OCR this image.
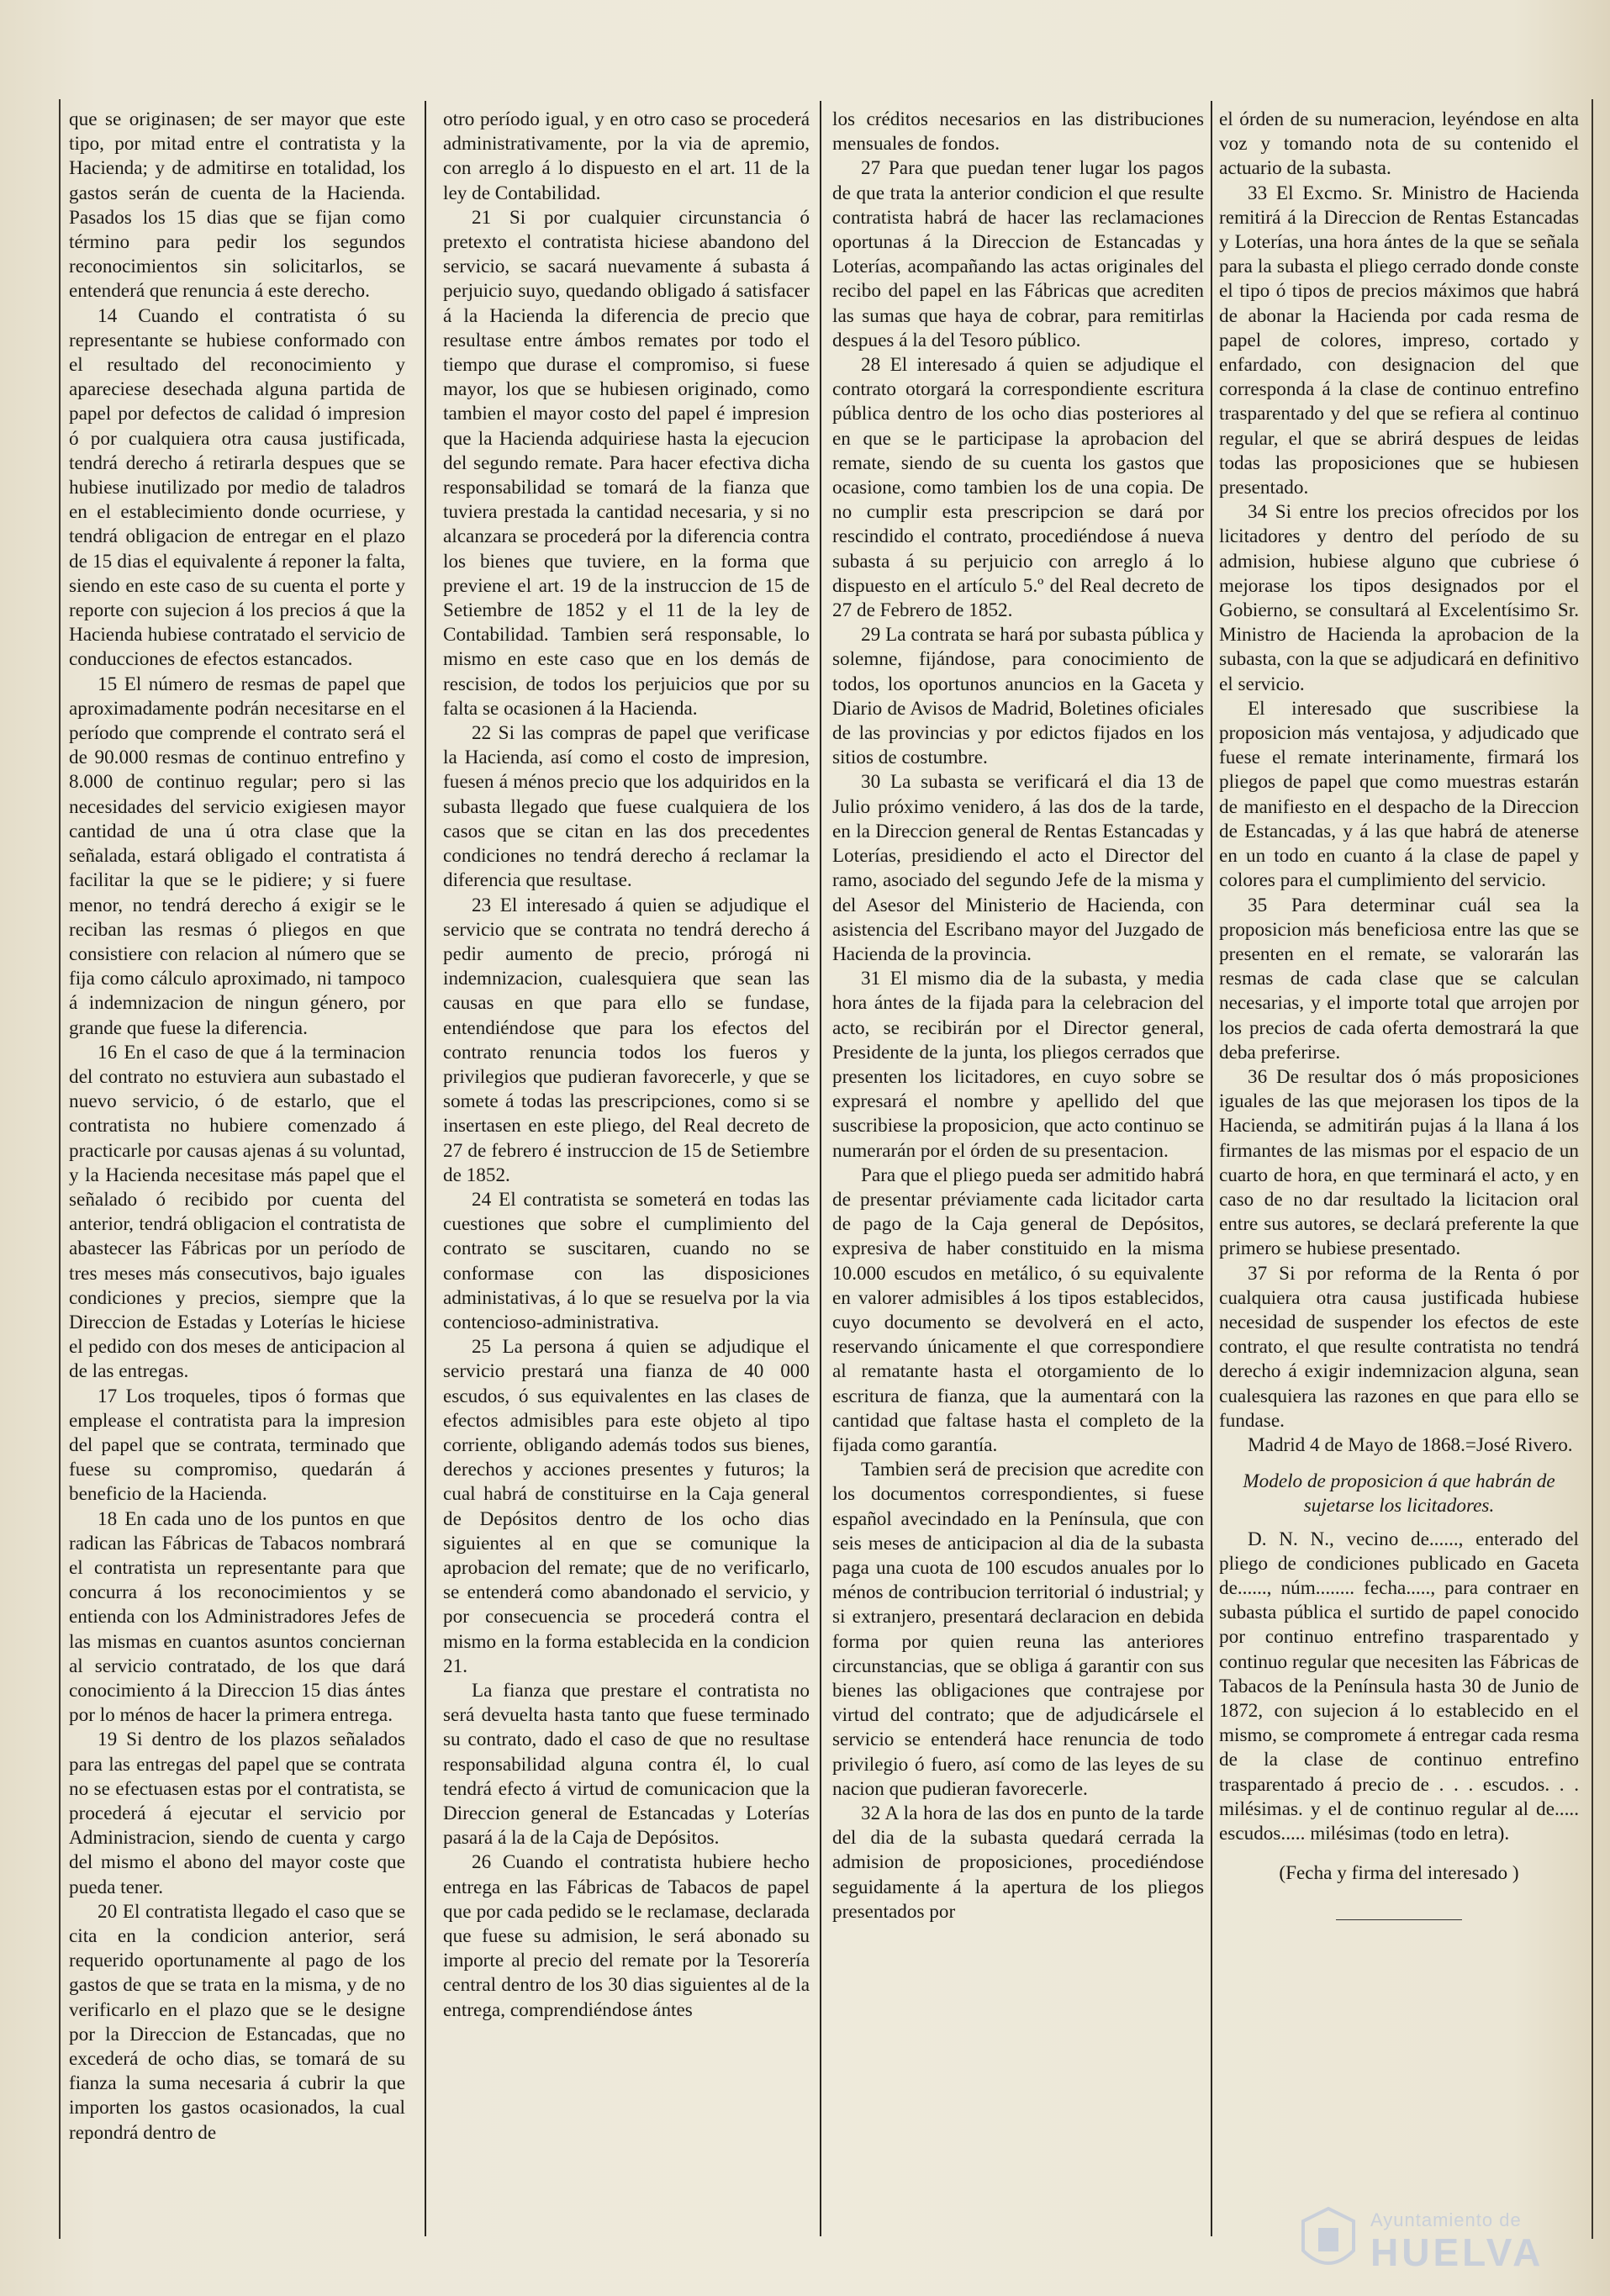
que se originasen; de ser mayor que este tipo, por mitad entre el contratista y la Hacienda; y de admitirse en totalidad, los gastos serán de cuenta de la Hacienda. Pasados los 15 dias que se fijan como término para pedir los segundos reconocimientos sin solicitarlos, se entenderá que renuncia á este derecho.

14 Cuando el contratista ó su representante se hubiese conformado con el resultado del reconocimiento y apareciese desechada alguna partida de papel por defectos de calidad ó impresion ó por cualquiera otra causa justificada, tendrá derecho á retirarla despues que se hubiese inutilizado por medio de taladros en el establecimiento donde ocurriese, y tendrá obligacion de entregar en el plazo de 15 dias el equivalente á reponer la falta, siendo en este caso de su cuenta el porte y reporte con sujecion á los precios á que la Hacienda hubiese contratado el servicio de conducciones de efectos estancados.

15 El número de resmas de papel que aproximadamente podrán necesitarse en el período que comprende el contrato será el de 90.000 resmas de continuo entrefino y 8.000 de continuo regular; pero si las necesidades del servicio exigiesen mayor cantidad de una ú otra clase que la señalada, estará obligado el contratista á facilitar la que se le pidiere; y si fuere menor, no tendrá derecho á exigir se le reciban las resmas ó pliegos en que consistiere con relacion al número que se fija como cálculo aproximado, ni tampoco á indemnizacion de ningun género, por grande que fuese la diferencia.

16 En el caso de que á la terminacion del contrato no estuviera aun subastado el nuevo servicio, ó de estarlo, que el contratista no hubiere comenzado á practicarle por causas ajenas á su voluntad, y la Hacienda necesitase más papel que el señalado ó recibido por cuenta del anterior, tendrá obligacion el contratista de abastecer las Fábricas por un período de tres meses más consecutivos, bajo iguales condiciones y precios, siempre que la Direccion de Estadas y Loterías le hiciese el pedido con dos meses de anticipacion al de las entregas.

17 Los troqueles, tipos ó formas que emplease el contratista para la impresion del papel que se contrata, terminado que fuese su compromiso, quedarán á beneficio de la Hacienda.

18 En cada uno de los puntos en que radican las Fábricas de Tabacos nombrará el contratista un representante para que concurra á los reconocimientos y se entienda con los Administradores Jefes de las mismas en cuantos asuntos conciernan al servicio contratado, de los que dará conocimiento á la Direccion 15 dias ántes por lo ménos de hacer la primera entrega.

19 Si dentro de los plazos señalados para las entregas del papel que se contrata no se efectuasen estas por el contratista, se procederá á ejecutar el servicio por Administracion, siendo de cuenta y cargo del mismo el abono del mayor coste que pueda tener.

20 El contratista llegado el caso que se cita en la condicion anterior, será requerido oportunamente al pago de los gastos de que se trata en la misma, y de no verificarlo en el plazo que se le designe por la Direccion de Estancadas, que no excederá de ocho dias, se tomará de su fianza la suma necesaria á cubrir la que importen los gastos ocasionados, la cual repondrá dentro de

otro período igual, y en otro caso se procederá administrativamente, por la via de apremio, con arreglo á lo dispuesto en el art. 11 de la ley de Contabilidad.

21 Si por cualquier circunstancia ó pretexto el contratista hiciese abandono del servicio, se sacará nuevamente á subasta á perjuicio suyo, quedando obligado á satisfacer á la Hacienda la diferencia de precio que resultase entre ámbos remates por todo el tiempo que durase el compromiso, si fuese mayor, los que se hubiesen originado, como tambien el mayor costo del papel é impresion que la Hacienda adquiriese hasta la ejecucion del segundo remate. Para hacer efectiva dicha responsabilidad se tomará de la fianza que tuviera prestada la cantidad necesaria, y si no alcanzara se procederá por la diferencia contra los bienes que tuviere, en la forma que previene el art. 19 de la instruccion de 15 de Setiembre de 1852 y el 11 de la ley de Contabilidad. Tambien será responsable, lo mismo en este caso que en los demás de rescision, de todos los perjuicios que por su falta se ocasionen á la Hacienda.

22 Si las compras de papel que verificase la Hacienda, así como el costo de impresion, fuesen á ménos precio que los adquiridos en la subasta llegado que fuese cualquiera de los casos que se citan en las dos precedentes condiciones no tendrá derecho á reclamar la diferencia que resultase.

23 El interesado á quien se adjudique el servicio que se contrata no tendrá derecho á pedir aumento de precio, prórogá ni indemnizacion, cualesquiera que sean las causas en que para ello se fundase, entendiéndose que para los efectos del contrato renuncia todos los fueros y privilegios que pudieran favorecerle, y que se somete á todas las prescripciones, como si se insertasen en este pliego, del Real decreto de 27 de febrero é instruccion de 15 de Setiembre de 1852.

24 El contratista se someterá en todas las cuestiones que sobre el cumplimiento del contrato se suscitaren, cuando no se conformase con las disposiciones administativas, á lo que se resuelva por la via contencioso-administrativa.

25 La persona á quien se adjudique el servicio prestará una fianza de 40 000 escudos, ó sus equivalentes en las clases de efectos admisibles para este objeto al tipo corriente, obligando además todos sus bienes, derechos y acciones presentes y futuros; la cual habrá de constituirse en la Caja general de Depósitos dentro de los ocho dias siguientes al en que se comunique la aprobacion del remate; que de no verificarlo, se entenderá como abandonado el servicio, y por consecuencia se procederá contra el mismo en la forma establecida en la condicion 21.

La fianza que prestare el contratista no será devuelta hasta tanto que fuese terminado su contrato, dado el caso de que no resultase responsabilidad alguna contra él, lo cual tendrá efecto á virtud de comunicacion que la Direccion general de Estancadas y Loterías pasará á la de la Caja de Depósitos.

26 Cuando el contratista hubiere hecho entrega en las Fábricas de Tabacos de papel que por cada pedido se le reclamase, declarada que fuese su admision, le será abonado su importe al precio del remate por la Tesorería central dentro de los 30 dias siguientes al de la entrega, comprendiéndose ántes

los créditos necesarios en las distribuciones mensuales de fondos.

27 Para que puedan tener lugar los pagos de que trata la anterior condicion el que resulte contratista habrá de hacer las reclamaciones oportunas á la Direccion de Estancadas y Loterías, acompañando las actas originales del recibo del papel en las Fábricas que acrediten las sumas que haya de cobrar, para remitirlas despues á la del Tesoro público.

28 El interesado á quien se adjudique el contrato otorgará la correspondiente escritura pública dentro de los ocho dias posteriores al en que se le participase la aprobacion del remate, siendo de su cuenta los gastos que ocasione, como tambien los de una copia. De no cumplir esta prescripcion se dará por rescindido el contrato, procediéndose á nueva subasta á su perjuicio con arreglo á lo dispuesto en el artículo 5.º del Real decreto de 27 de Febrero de 1852.

29 La contrata se hará por subasta pública y solemne, fijándose, para conocimiento de todos, los oportunos anuncios en la Gaceta y Diario de Avisos de Madrid, Boletines oficiales de las provincias y por edictos fijados en los sitios de costumbre.

30 La subasta se verificará el dia 13 de Julio próximo venidero, á las dos de la tarde, en la Direccion general de Rentas Estancadas y Loterías, presidiendo el acto el Director del ramo, asociado del segundo Jefe de la misma y del Asesor del Ministerio de Hacienda, con asistencia del Escribano mayor del Juzgado de Hacienda de la provincia.

31 El mismo dia de la subasta, y media hora ántes de la fijada para la celebracion del acto, se recibirán por el Director general, Presidente de la junta, los pliegos cerrados que presenten los licitadores, en cuyo sobre se expresará el nombre y apellido del que suscribiese la proposicion, que acto continuo se numerarán por el órden de su presentacion.

Para que el pliego pueda ser admitido habrá de presentar préviamente cada licitador carta de pago de la Caja general de Depósitos, expresiva de haber constituido en la misma 10.000 escudos en metálico, ó su equivalente en valorer admisibles á los tipos establecidos, cuyo documento se devolverá en el acto, reservando únicamente el que correspondiere al rematante hasta el otorgamiento de lo escritura de fianza, que la aumentará con la cantidad que faltase hasta el completo de la fijada como garantía.

Tambien será de precision que acredite con los documentos correspondientes, si fuese español avecindado en la Península, que con seis meses de anticipacion al dia de la subasta paga una cuota de 100 escudos anuales por lo ménos de contribucion territorial ó industrial; y si extranjero, presentará declaracion en debida forma por quien reuna las anteriores circunstancias, que se obliga á garantir con sus bienes las obligaciones que contrajese por virtud del contrato; que de adjudicársele el servicio se entenderá hace renuncia de todo privilegio ó fuero, así como de las leyes de su nacion que pudieran favorecerle.

32 A la hora de las dos en punto de la tarde del dia de la subasta quedará cerrada la admision de proposiciones, procediéndose seguidamente á la apertura de los pliegos presentados por

el órden de su numeracion, leyéndose en alta voz y tomando nota de su contenido el actuario de la subasta.

33 El Excmo. Sr. Ministro de Hacienda remitirá á la Direccion de Rentas Estancadas y Loterías, una hora ántes de la que se señala para la subasta el pliego cerrado donde conste el tipo ó tipos de precios máximos que habrá de abonar la Hacienda por cada resma de papel de colores, impreso, cortado y enfardado, con designacion del que corresponda á la clase de continuo entrefino trasparentado y del que se refiera al continuo regular, el que se abrirá despues de leidas todas las proposiciones que se hubiesen presentado.

34 Si entre los precios ofrecidos por los licitadores y dentro del período de su admision, hubiese alguno que cubriese ó mejorase los tipos designados por el Gobierno, se consultará al Excelentísimo Sr. Ministro de Hacienda la aprobacion de la subasta, con la que se adjudicará en definitivo el servicio.

El interesado que suscribiese la proposicion más ventajosa, y adjudicado que fuese el remate interinamente, firmará los pliegos de papel que como muestras estarán de manifiesto en el despacho de la Direccion de Estancadas, y á las que habrá de atenerse en un todo en cuanto á la clase de papel y colores para el cumplimiento del servicio.

35 Para determinar cuál sea la proposicion más beneficiosa entre las que se presenten en el remate, se valorarán las resmas de cada clase que se calculan necesarias, y el importe total que arrojen por los precios de cada oferta demostrará la que deba preferirse.

36 De resultar dos ó más proposiciones iguales de las que mejorasen los tipos de la Hacienda, se admitirán pujas á la llana á los firmantes de las mismas por el espacio de un cuarto de hora, en que terminará el acto, y en caso de no dar resultado la licitacion oral entre sus autores, se declará preferente la que primero se hubiese presentado.

37 Si por reforma de la Renta ó por cualquiera otra causa justificada hubiese necesidad de suspender los efectos de este contrato, el que resulte contratista no tendrá derecho á exigir indemnizacion alguna, sean cualesquiera las razones en que para ello se fundase.

Madrid 4 de Mayo de 1868.=José Rivero.

Modelo de proposicion á que habrán de sujetarse los licitadores.

D. N. N., vecino de......, enterado del pliego de condiciones publicado en Gaceta de......, núm........ fecha....., para contraer en subasta pública el surtido de papel conocido por continuo entrefino trasparentado y continuo regular que necesiten las Fábricas de Tabacos de la Península hasta 30 de Junio de 1872, con sujecion á lo establecido en el mismo, se compromete á entregar cada resma de la clase de continuo entrefino trasparentado á precio de . . . escudos. . . milésimas. y el de continuo regular al de..... escudos..... milésimas (todo en letra).

(Fecha y firma del interesado )

Ayuntamiento de
HUELVA
